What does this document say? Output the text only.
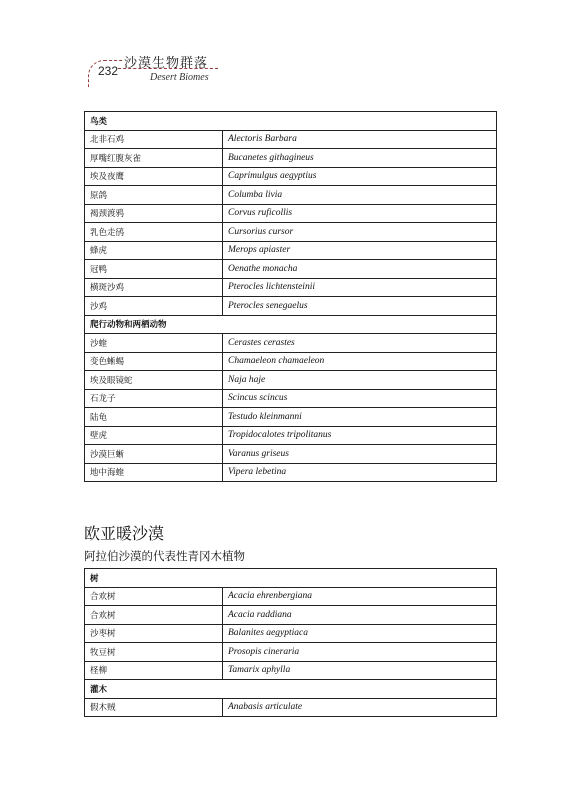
232 沙漠生物群落
Desert Biomes
鸟类	
北非石鸡	Alectoris Barbara
厚嘴红腹灰雀	Bucanetes githagineus
埃及夜鹰	Caprimulgus aegyptius
原鸽	Columba livia
褐颈渡鸦	Corvus ruficollis
乳色走鸻	Cursorius cursor
蜂虎	Merops apiaster
冠鸭	Oenathe monacha
横斑沙鸡	Pterocles lichtensteinii
沙鸡	Pterocles senegaelus
爬行动物和两栖动物	
沙蝰	Cerastes cerastes
变色蜥蜴	Chamaeleon chamaeleon
埃及眼镜蛇	Naja haje
石龙子	Scincus scincus
陆龟	Testudo kleinmanni
壁虎	Tropidocalotes tripolitanus
沙漠巨蜥	Varanus griseus
地中海蝰	Vipera lebetina
欧亚暖沙漠
阿拉伯沙漠的代表性青冈木植物
树	
合欢树	Acacia ehrenbergiana
合欢树	Acacia raddiana
沙枣树	Balanites aegyptiaca
牧豆树	Prosopis cineraria
柽柳	Tamarix aphylla
灌木	
假木贼	Anabasis articulate
